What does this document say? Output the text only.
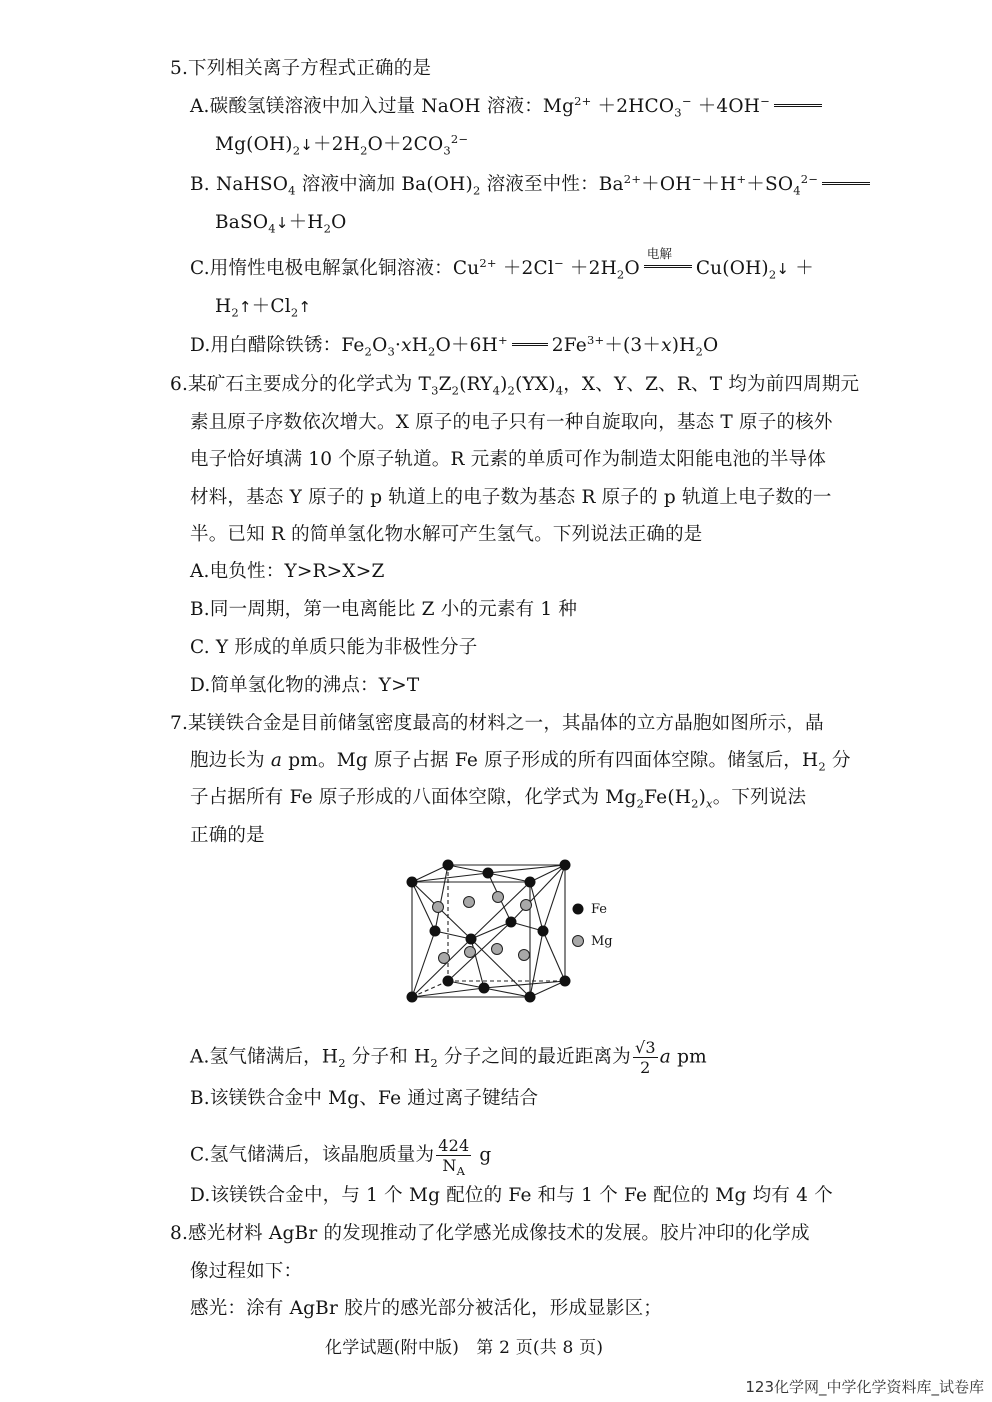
5.下列相关离子方程式正确的是
A.碳酸氢镁溶液中加入过量 NaOH 溶液：$Mg^{2+} +2HCO_3^- +4OH^-$
$Mg(OH)_2↓+2H_2O+2CO_3^{2-}$
B. NaHSO$_4$ 溶液中滴加 $Ba(OH)_2$ 溶液至中性：$Ba^{2+}+OH^-+H^++SO_4^{2-}$
$BaSO_4↓+H_2O$
C.用惰性电极电解氯化铜溶液：$Cu^{2+} +2Cl^- +2H_2O$
电解
$Cu(OH)_2↓$ ＋
$H_2↑+Cl_2↑$
D.用白醋除铁锈：$Fe_2O_3\cdot xH_2O+6H^+$ $2Fe^{3+}+(3+x)H_2O$
6.某矿石主要成分的化学式为 $T_3Z_2(RY_4)_2(YX)_4$，X、Y、Z、R、T 均为前四周期元
素且原子序数依次增大。X 原子的电子只有一种自旋取向，基态 T 原子的核外
电子恰好填满 10 个原子轨道。R 元素的单质可作为制造太阳能电池的半导体
材料，基态 Y 原子的 p 轨道上的电子数为基态 R 原子的 p 轨道上电子数的一
半。已知 R 的简单氢化物水解可产生氢气。下列说法正确的是
A.电负性：Y>R>X>Z
B.同一周期，第一电离能比 Z 小的元素有 1 种
C. Y 形成的单质只能为非极性分子
D.简单氢化物的沸点：Y>T
7.某镁铁合金是目前储氢密度最高的材料之一，其晶体的立方晶胞如图所示，晶
胞边长为 a pm。Mg 原子占据 Fe 原子形成的所有四面体空隙。储氢后，$H_2$ 分
子占据所有 Fe 原子形成的八面体空隙，化学式为 $Mg_2Fe(H_2)_x$。下列说法
正确的是
Fe
Mg
A.氢气储满后，$H_2$ 分子和 $H_2$ 分子之间的最近距离为 $\frac{√3}{2}$ a pm
B.该镁铁合金中 Mg、Fe 通过离子键结合
C.氢气储满后，该晶胞质量为 $\frac{424}{N_A}$ g
D.该镁铁合金中，与 1 个 Mg 配位的 Fe 和与 1 个 Fe 配位的 Mg 均有 4 个
8.感光材料 AgBr 的发现推动了化学感光成像技术的发展。胶片冲印的化学成
像过程如下：
感光：涂有 AgBr 胶片的感光部分被活化，形成显影区；
化学试题(附中版)　第 2 页(共 8 页)
123化学网_中学化学资料库_试卷库
